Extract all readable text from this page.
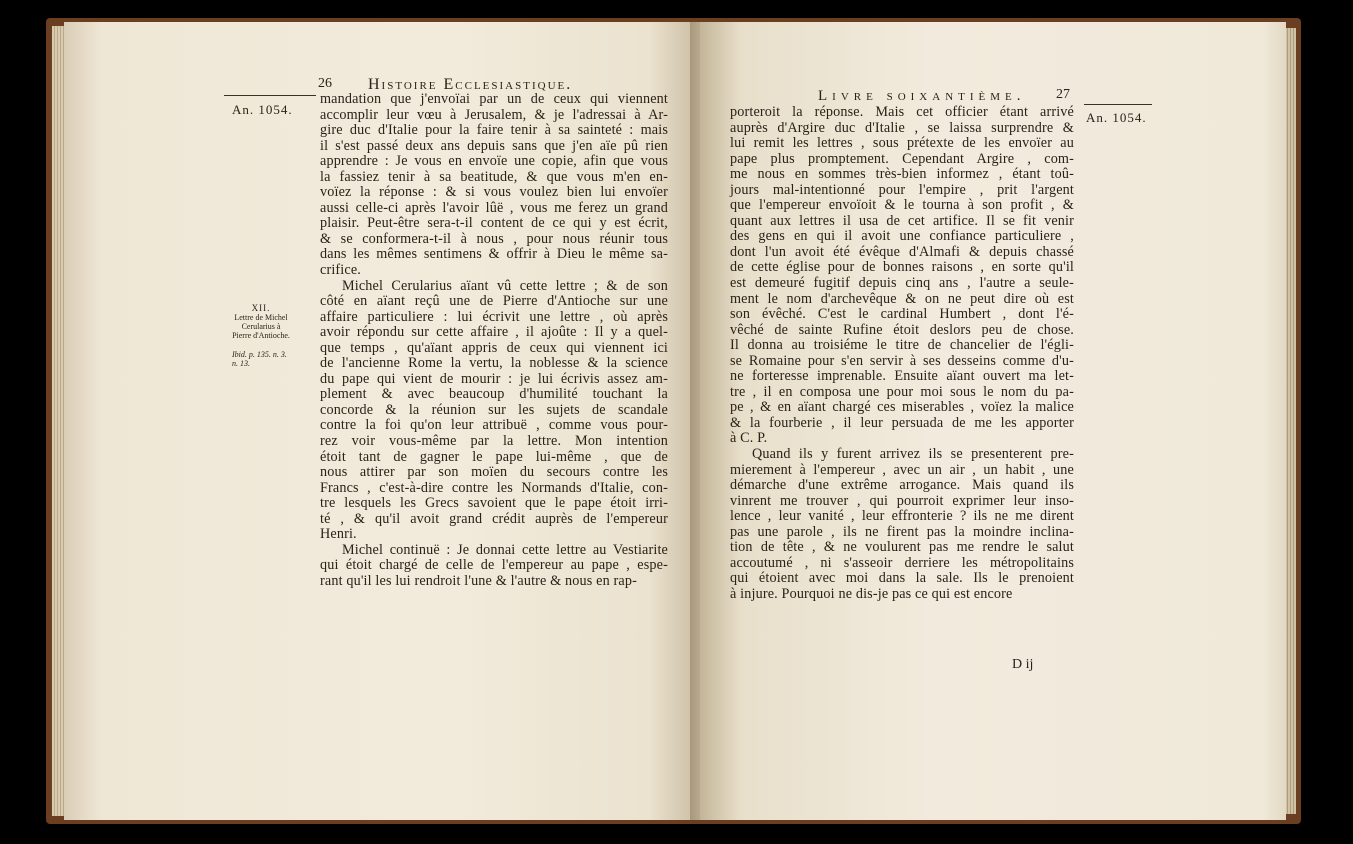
An. 1054.
26 Histoire Ecclesiastique.
XII.
Lettre de Michel Cerularius à Pierre d'Antioche.
Ibid. p. 135. n. 3. n. 13.
mandation que j'envoïai par un de ceux qui viennent
accomplir leur vœu à Jerusalem, & je l'adressai à Ar-
gire duc d'Italie pour la faire tenir à sa sainteté : mais
il s'est passé deux ans depuis sans que j'en aïe pû rien
apprendre : Je vous en envoïe une copie, afin que vous
la fassiez tenir à sa beatitude, & que vous m'en en-
voïez la réponse : & si vous voulez bien lui envoïer
aussi celle-ci après l'avoir lûë , vous me ferez un grand
plaisir. Peut-être sera-t-il content de ce qui y est écrit,
& se conformera-t-il à nous , pour nous réunir tous
dans les mêmes sentimens & offrir à Dieu le même sa-
crifice.
Michel Cerularius aïant vû cette lettre ; & de son
côté en aïant reçû une de Pierre d'Antioche sur une
affaire particuliere : lui écrivit une lettre , où après
avoir répondu sur cette affaire , il ajoûte : Il y a quel-
que temps , qu'aïant appris de ceux qui viennent ici
de l'ancienne Rome la vertu, la noblesse & la science
du pape qui vient de mourir : je lui écrivis assez am-
plement & avec beaucoup d'humilité touchant la
concorde & la réunion sur les sujets de scandale
contre la foi qu'on leur attribuë , comme vous pour-
rez voir vous-même par la lettre. Mon intention
étoit tant de gagner le pape lui-même , que de
nous attirer par son moïen du secours contre les
Francs , c'est-à-dire contre les Normands d'Italie, con-
tre lesquels les Grecs savoient que le pape étoit irri-
té , & qu'il avoit grand crédit auprès de l'empereur
Henri.
Michel continuë : Je donnai cette lettre au Vestiarite
qui étoit chargé de celle de l'empereur au pape , espe-
rant qu'il les lui rendroit l'une & l'autre & nous en rap-
Livre soixantième. 27
An. 1054.
porteroit la réponse. Mais cet officier étant arrivé
auprès d'Argire duc d'Italie , se laissa surprendre &
lui remit les lettres , sous prétexte de les envoïer au
pape plus promptement. Cependant Argire , com-
me nous en sommes très-bien informez , étant toû-
jours mal-intentionné pour l'empire , prit l'argent
que l'empereur envoïoit & le tourna à son profit , &
quant aux lettres il usa de cet artifice. Il se fit venir
des gens en qui il avoit une confiance particuliere ,
dont l'un avoit été évêque d'Almafi & depuis chassé
de cette église pour de bonnes raisons , en sorte qu'il
est demeuré fugitif depuis cinq ans , l'autre a seule-
ment le nom d'archevêque & on ne peut dire où est
son évêché. C'est le cardinal Humbert , dont l'é-
vêché de sainte Rufine étoit deslors peu de chose.
Il donna au troisiéme le titre de chancelier de l'égli-
se Romaine pour s'en servir à ses desseins comme d'u-
ne forteresse imprenable. Ensuite aïant ouvert ma let-
tre , il en composa une pour moi sous le nom du pa-
pe , & en aïant chargé ces miserables , voïez la malice
& la fourberie , il leur persuada de me les apporter
à C. P.
Quand ils y furent arrivez ils se presenterent pre-
mierement à l'empereur , avec un air , un habit , une
démarche d'une extrême arrogance. Mais quand ils
vinrent me trouver , qui pourroit exprimer leur inso-
lence , leur vanité , leur effronterie ? ils ne me dirent
pas une parole , ils ne firent pas la moindre inclina-
tion de tête , & ne voulurent pas me rendre le salut
accoutumé , ni s'asseoir derriere les métropolitains
qui étoient avec moi dans la sale. Ils le prenoient
à injure. Pourquoi ne dis-je pas ce qui est encore
D ij
